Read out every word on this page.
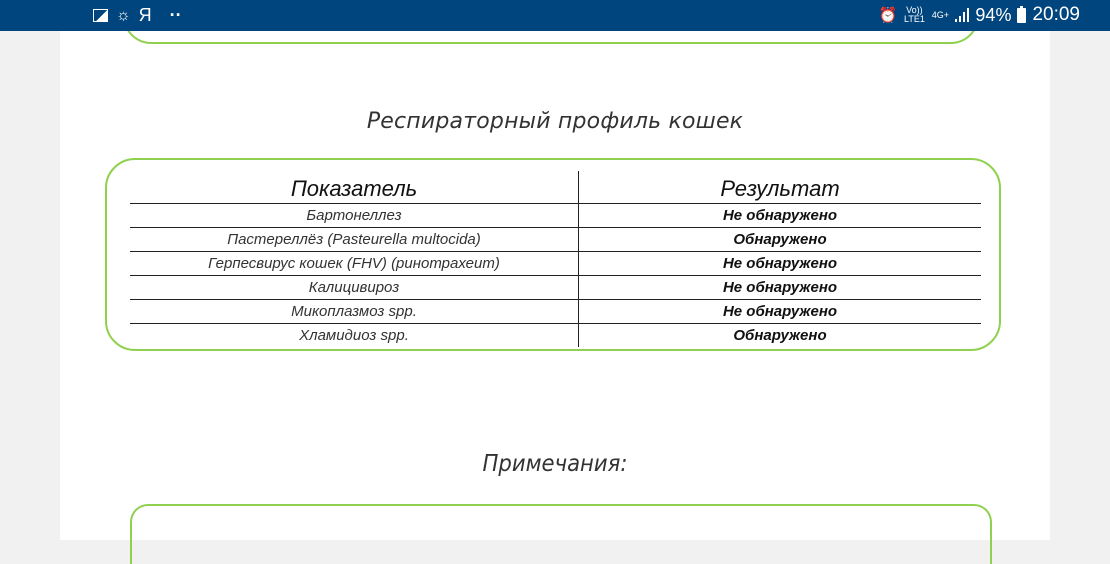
☼ Я ··	⏰ Vo)) LTE1 4G+ 94% 20:09
Респираторный профиль кошек
Показатель	Результат
Бартонеллез	Не обнаружено
Пастереллёз (Pasteurella multocida)	Обнаружено
Герпесвирус кошек (FHV) (ринотрахеит)	Не обнаружено
Калицивироз	Не обнаружено
Микоплазмоз spp.	Не обнаружено
Хламидиоз spp.	Обнаружено
Примечания:
